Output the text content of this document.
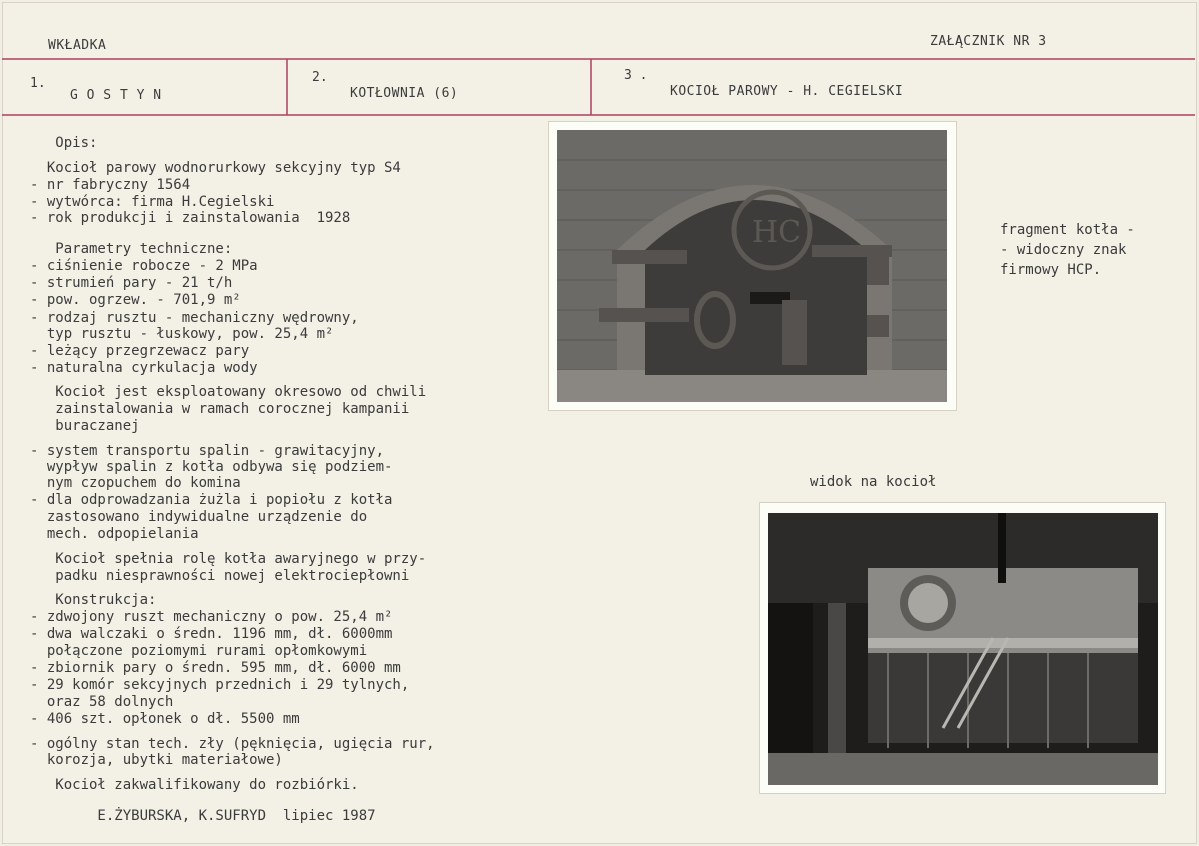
WKŁADKA	ZAŁĄCZNIK NR 3
1.
G O S T Y N
2.
KOTŁOWNIA (6)
3 .
KOCIOŁ PAROWY - H. CEGIELSKI
Opis:
Kocioł parowy wodnorurkowy sekcyjny typ S4
- nr fabryczny 1564
- wytwórca: firma H.Cegielski
- rok produkcji i zainstalowania  1928
Parametry techniczne:
- ciśnienie robocze - 2 MPa
- strumień pary - 21 t/h
- pow. ogrzew. - 701,9 m²
- rodzaj rusztu - mechaniczny wędrowny,
typ rusztu - łuskowy, pow. 25,4 m²
- leżący przegrzewacz pary
- naturalna cyrkulacja wody
Kocioł jest eksploatowany okresowo od chwili
zainstalowania w ramach corocznej kampanii
buraczanej
- system transportu spalin - grawitacyjny,
wypływ spalin z kotła odbywa się podziem-
nym czopuchem do komina
- dla odprowadzania żużla i popiołu z kotła
zastosowano indywidualne urządzenie do
mech. odpopielania
Kocioł spełnia rolę kotła awaryjnego w przy-
padku niesprawności nowej elektrociepłowni
Konstrukcja:
- zdwojony ruszt mechaniczny o pow. 25,4 m²
- dwa walczaki o średn. 1196 mm, dł. 6000mm
połączone poziomymi rurami opłomkowymi
- zbiornik pary o średn. 595 mm, dł. 6000 mm
- 29 komór sekcyjnych przednich i 29 tylnych,
oraz 58 dolnych
- 406 szt. opłonek o dł. 5500 mm
- ogólny stan tech. zły (pęknięcia, ugięcia rur,
korozja, ubytki materiałowe)
Kocioł zakwalifikowany do rozbiórki.
E.ŻYBURSKA, K.SUFRYD  lipiec 1987
HC	fragment kotła -
- widoczny znak
firmowy HCP.
widok na kocioł
